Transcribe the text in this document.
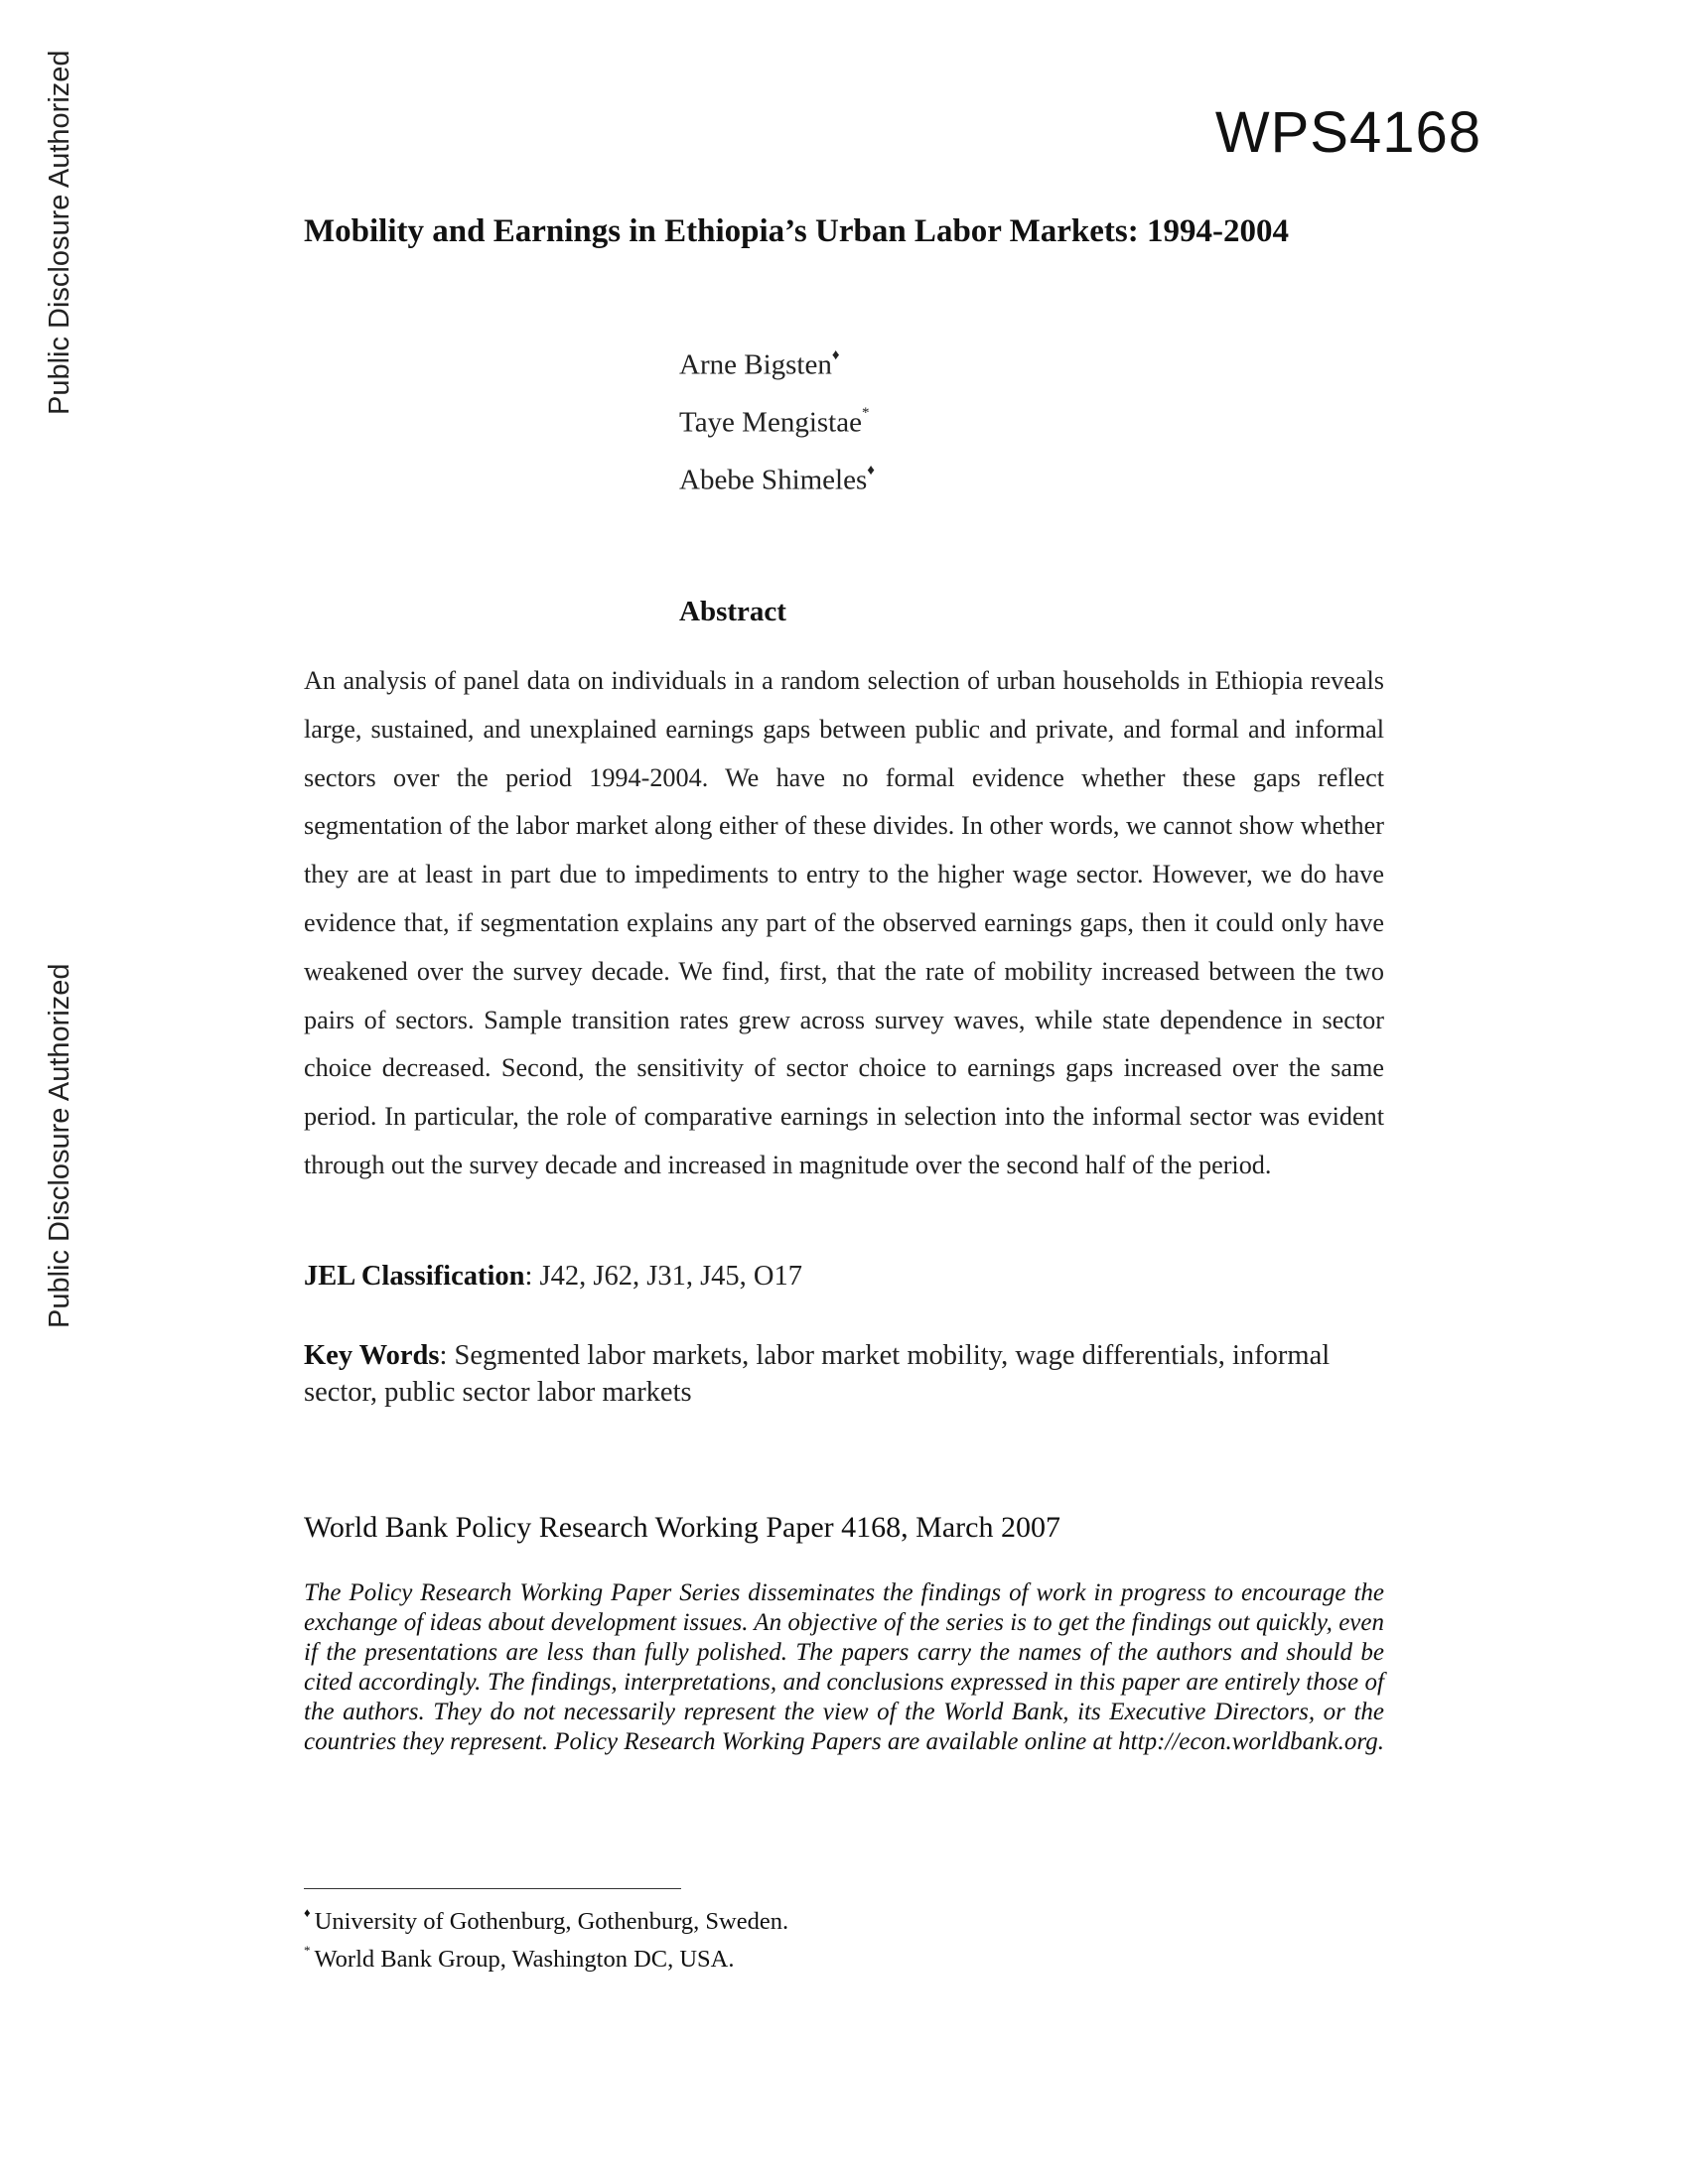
Public Disclosure Authorized
Public Disclosure Authorized
WPS4168
Mobility and Earnings in Ethiopia’s Urban Labor Markets: 1994-2004
Arne Bigsten♦
Taye Mengistae*
Abebe Shimeles♦
Abstract

An analysis of panel data on individuals in a random selection of urban households in Ethiopia reveals large, sustained, and unexplained earnings gaps between public and private, and formal and informal sectors over the period 1994-2004. We have no formal evidence whether these gaps reflect segmentation of the labor market along either of these divides. In other words, we cannot show whether they are at least in part due to impediments to entry to the higher wage sector. However, we do have evidence that, if segmentation explains any part of the observed earnings gaps, then it could only have weakened over the survey decade. We find, first, that the rate of mobility increased between the two pairs of sectors. Sample transition rates grew across survey waves, while state dependence in sector choice decreased. Second, the sensitivity of sector choice to earnings gaps increased over the same period. In particular, the role of comparative earnings in selection into the informal sector was evident through out the survey decade and increased in magnitude over the second half of the period.

JEL Classification: J42, J62, J31, J45, O17
Key Words: Segmented labor markets, labor market mobility, wage differentials, informal sector, public sector labor markets
World Bank Policy Research Working Paper 4168, March 2007

The Policy Research Working Paper Series disseminates the findings of work in progress to encourage the exchange of ideas about development issues. An objective of the series is to get the findings out quickly, even if the presentations are less than fully polished. The papers carry the names of the authors and should be cited accordingly. The findings, interpretations, and conclusions expressed in this paper are entirely those of the authors. They do not necessarily represent the view of the World Bank, its Executive Directors, or the countries they represent. Policy Research Working Papers are available online at http://econ.worldbank.org.

♦ University of Gothenburg, Gothenburg, Sweden.
* World Bank Group, Washington DC, USA.
